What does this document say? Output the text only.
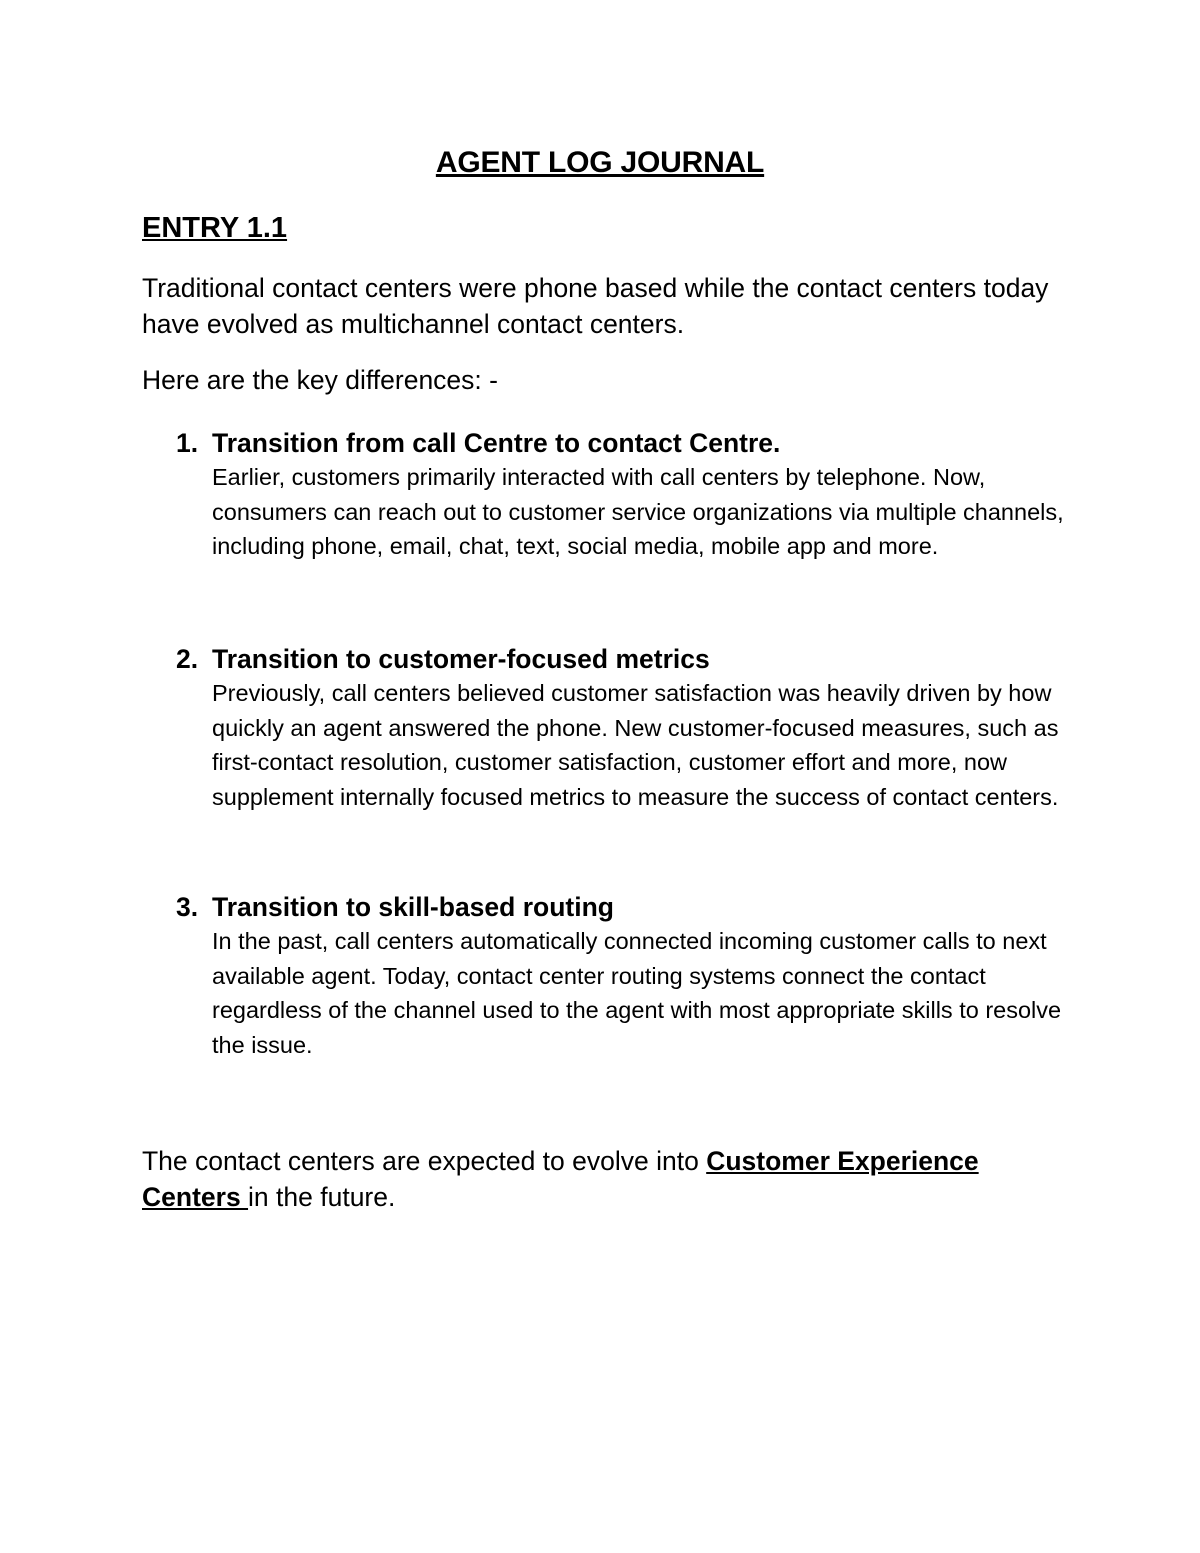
AGENT LOG JOURNAL
ENTRY 1.1

Traditional contact centers were phone based while the contact centers today have evolved as multichannel contact centers.

Here are the key differences: -

1. Transition from call Centre to contact Centre.

Earlier, customers primarily interacted with call centers by telephone. Now, consumers can reach out to customer service organizations via multiple channels, including phone, email, chat, text, social media, mobile app and more.

2. Transition to customer-focused metrics

Previously, call centers believed customer satisfaction was heavily driven by how quickly an agent answered the phone. New customer-focused measures, such as first-contact resolution, customer satisfaction, customer effort and more, now supplement internally focused metrics to measure the success of contact centers.

3. Transition to skill-based routing

In the past, call centers automatically connected incoming customer calls to next available agent. Today, contact center routing systems connect the contact regardless of the channel used to the agent with most appropriate skills to resolve the issue.

The contact centers are expected to evolve into Customer Experience Centers in the future.
